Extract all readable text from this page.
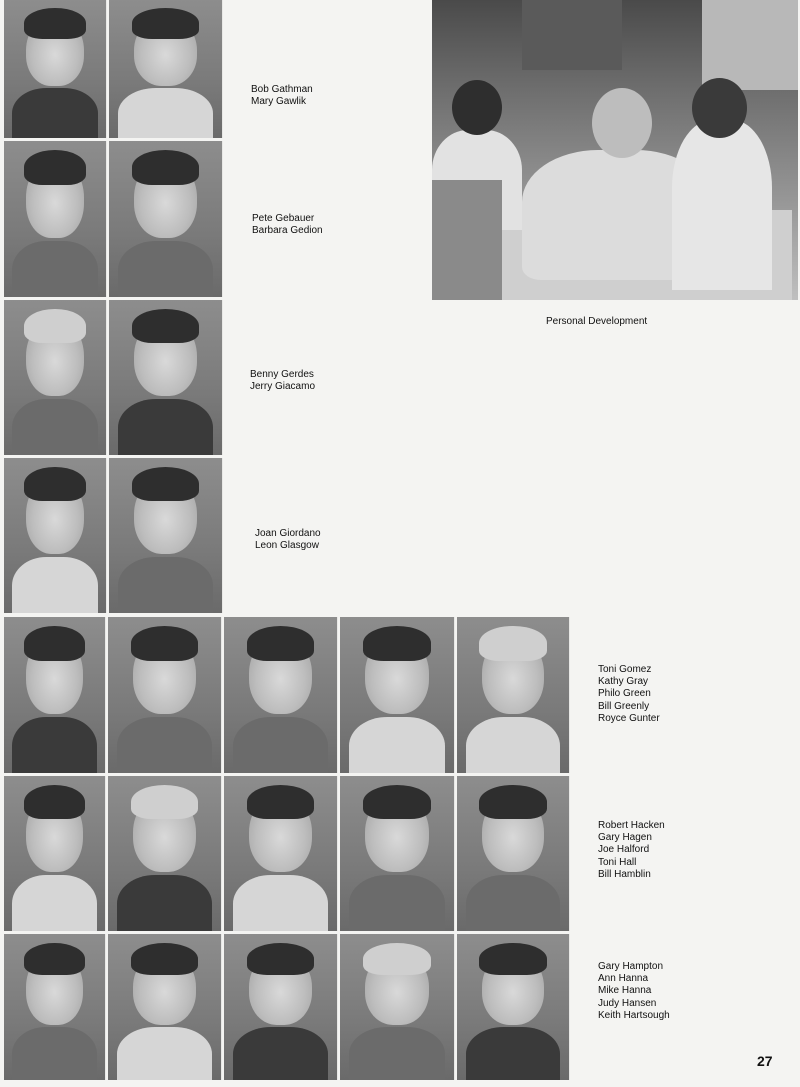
Bob Gathman
Mary Gawlik
Pete Gebauer
Barbara Gedion
Benny Gerdes
Jerry Giacamo
Joan Giordano
Leon Glasgow
Toni Gomez
Kathy Gray
Philo Green
Bill Greenly
Royce Gunter
Robert Hacken
Gary Hagen
Joe Halford
Toni Hall
Bill Hamblin
Gary Hampton
Ann Hanna
Mike Hanna
Judy Hansen
Keith Hartsough
Personal Development
27
